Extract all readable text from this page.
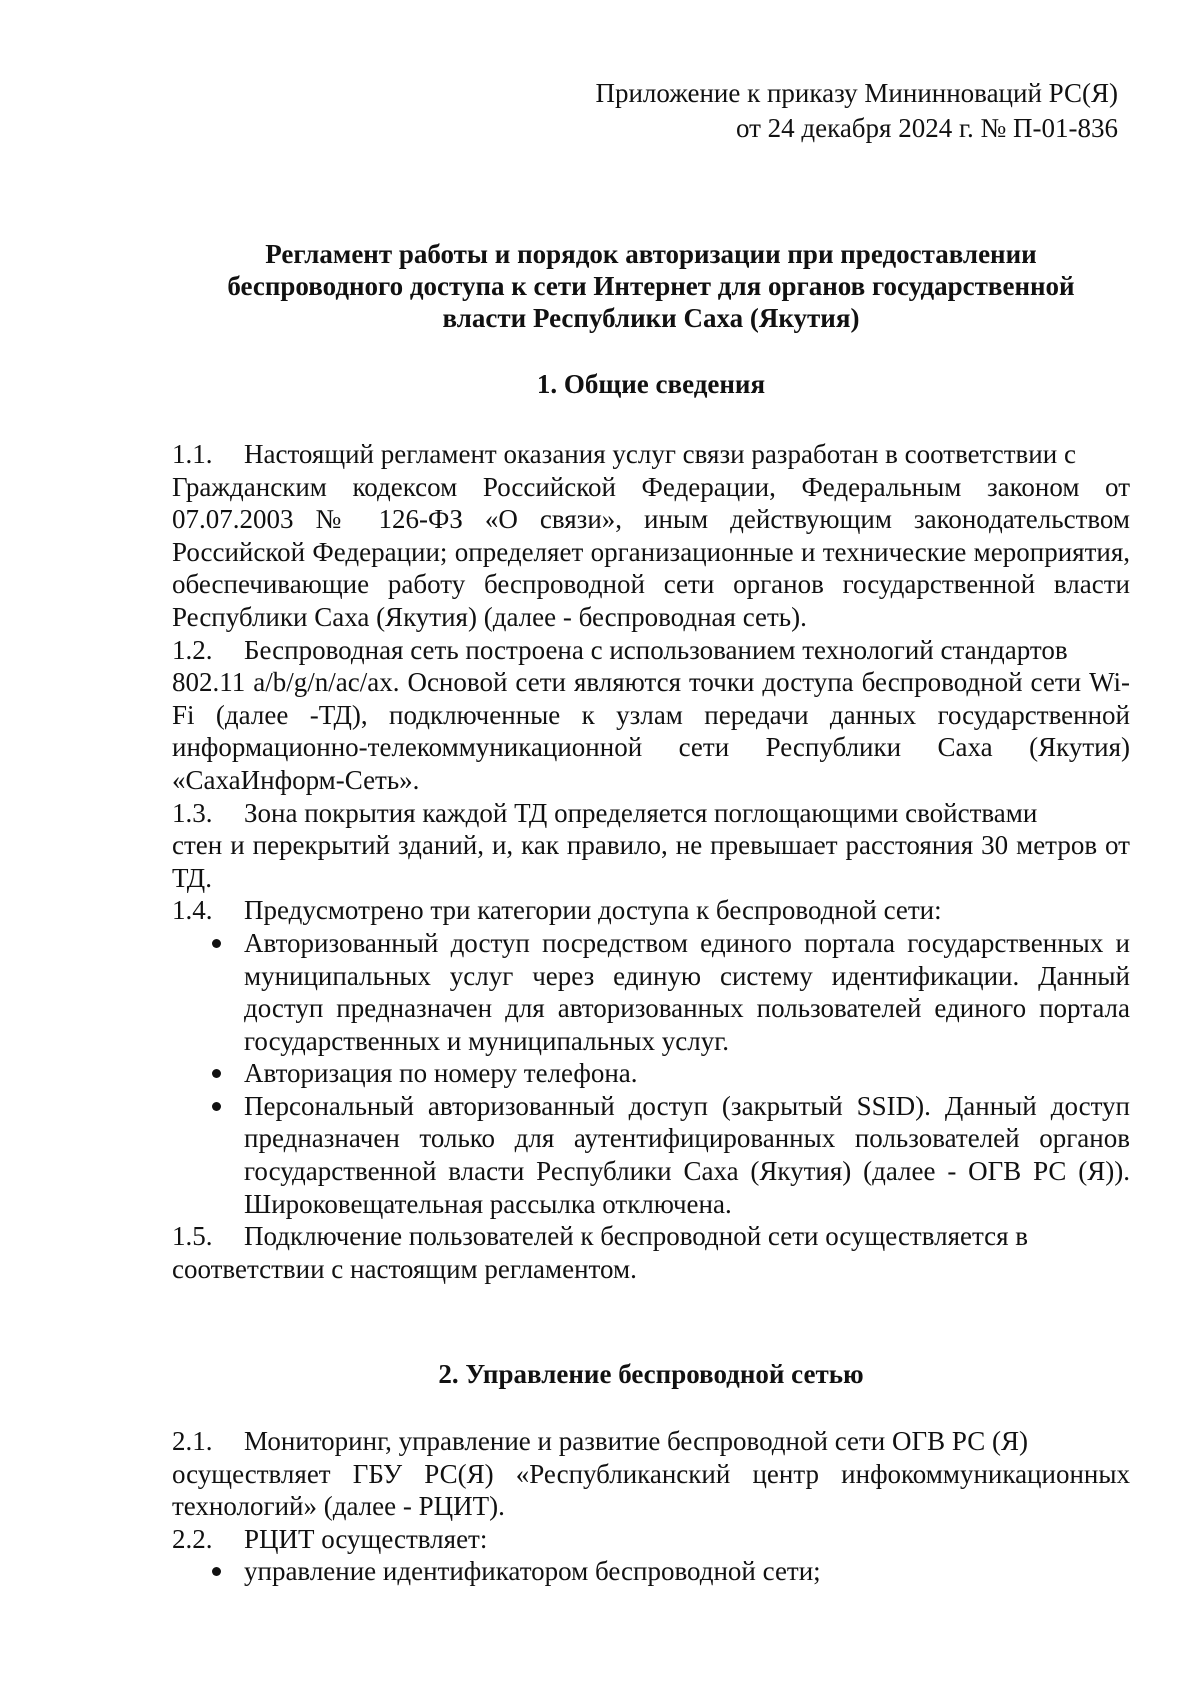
Приложение к приказу Мининноваций РС(Я)
от 24 декабря 2024 г. № П-01-836
Регламент работы и порядок авторизации при предоставлении
беспроводного доступа к сети Интернет для органов государственной
власти Республики Саха (Якутия)
1. Общие сведения
1.1.	Настоящий регламент оказания услуг связи разработан в соответствии с
Гражданским кодексом Российской Федерации, Федеральным законом от 07.07.2003 № 126-ФЗ «О связи», иным действующим законодательством Российской Федерации; определяет организационные и технические мероприятия, обеспечивающие работу беспроводной сети органов государственной власти Республики Саха (Якутия) (далее - беспроводная сеть).
1.2.	Беспроводная сеть построена с использованием технологий стандартов
802.11 a/b/g/n/ac/ax. Основой сети являются точки доступа беспроводной сети Wi-Fi (далее -ТД), подключенные к узлам передачи данных государственной информационно-телекоммуникационной сети Республики Саха (Якутия) «СахаИнформ-Сеть».
1.3.	Зона покрытия каждой ТД определяется поглощающими свойствами
стен и перекрытий зданий, и, как правило, не превышает расстояния 30 метров от ТД.
1.4.	Предусмотрено три категории доступа к беспроводной сети:
Авторизованный доступ посредством единого портала государственных и муниципальных услуг через единую систему идентификации. Данный доступ предназначен для авторизованных пользователей единого портала государственных и муниципальных услуг.
Авторизация по номеру телефона.
Персональный авторизованный доступ (закрытый SSID). Данный доступ предназначен только для аутентифицированных пользователей органов государственной власти Республики Саха (Якутия) (далее - ОГВ РС (Я)). Широковещательная рассылка отключена.
1.5.	Подключение пользователей к беспроводной сети осуществляется в
соответствии с настоящим регламентом.
2. Управление беспроводной сетью
2.1.	Мониторинг, управление и развитие беспроводной сети ОГВ РС (Я)
осуществляет ГБУ РС(Я) «Республиканский центр инфокоммуникационных технологий» (далее - РЦИТ).
2.2.	РЦИТ осуществляет:
управление идентификатором беспроводной сети;
